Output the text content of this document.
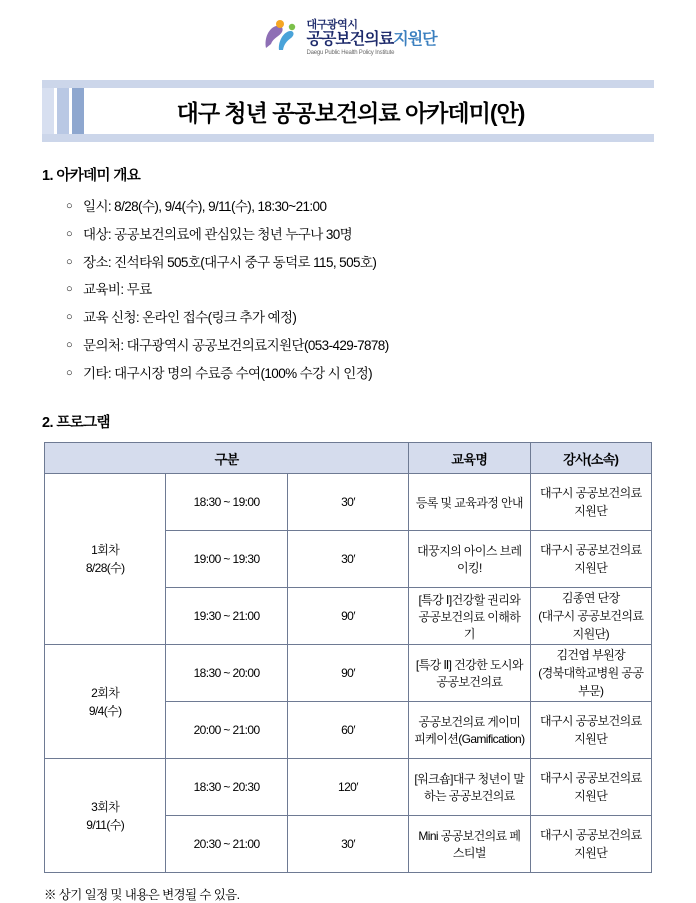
대구광역시
공공보건의료지원단
Daegu Public Health Policy Institute
대구 청년 공공보건의료 아카데미(안)
1. 아카데미 개요
○ 일시: 8/28(수), 9/4(수), 9/11(수), 18:30~21:00
○ 대상: 공공보건의료에 관심있는 청년 누구나 30명
○ 장소: 진석타워 505호(대구시 중구 동덕로 115, 505호)
○ 교육비: 무료
○ 교육 신청: 온라인 접수(링크 추가 예정)
○ 문의처: 대구광역시 공공보건의료지원단(053-429-7878)
○ 기타: 대구시장 명의 수료증 수여(100% 수강 시 인정)
2. 프로그램
구분			교육명	강사(소속)

1회차
8/28(수)	18:30 ~ 19:00	30′	등록 및 교육과정 안내	대구시 공공보건의료지원단

	19:00 ~ 19:30	30′	대꿍지의 아이스 브레이킹!	대구시 공공보건의료지원단

	19:30 ~ 21:00	90′	[특강 Ⅰ]건강할 권리와 공공보건의료 이해하기	김종연 단장
(대구시 공공보건의료지원단)

2회차
9/4(수)
	18:30 ~ 20:00	90′	[특강 Ⅱ] 건강한 도시와 공공보건의료	
김건엽 부원장
(경북대학교병원 공공부문)

	20:00 ~ 21:00	60′	공공보건의료 게이미피케이션(Gamification)	대구시 공공보건의료지원단

3회차
9/11(수)	18:30 ~ 20:30	120′	[워크숍]대구 청년이 말하는 공공보건의료	대구시 공공보건의료지원단

	20:30 ~ 21:00	30′	Mini 공공보건의료 페스티벌	대구시 공공보건의료지원단
※ 상기 일정 및 내용은 변경될 수 있음.
